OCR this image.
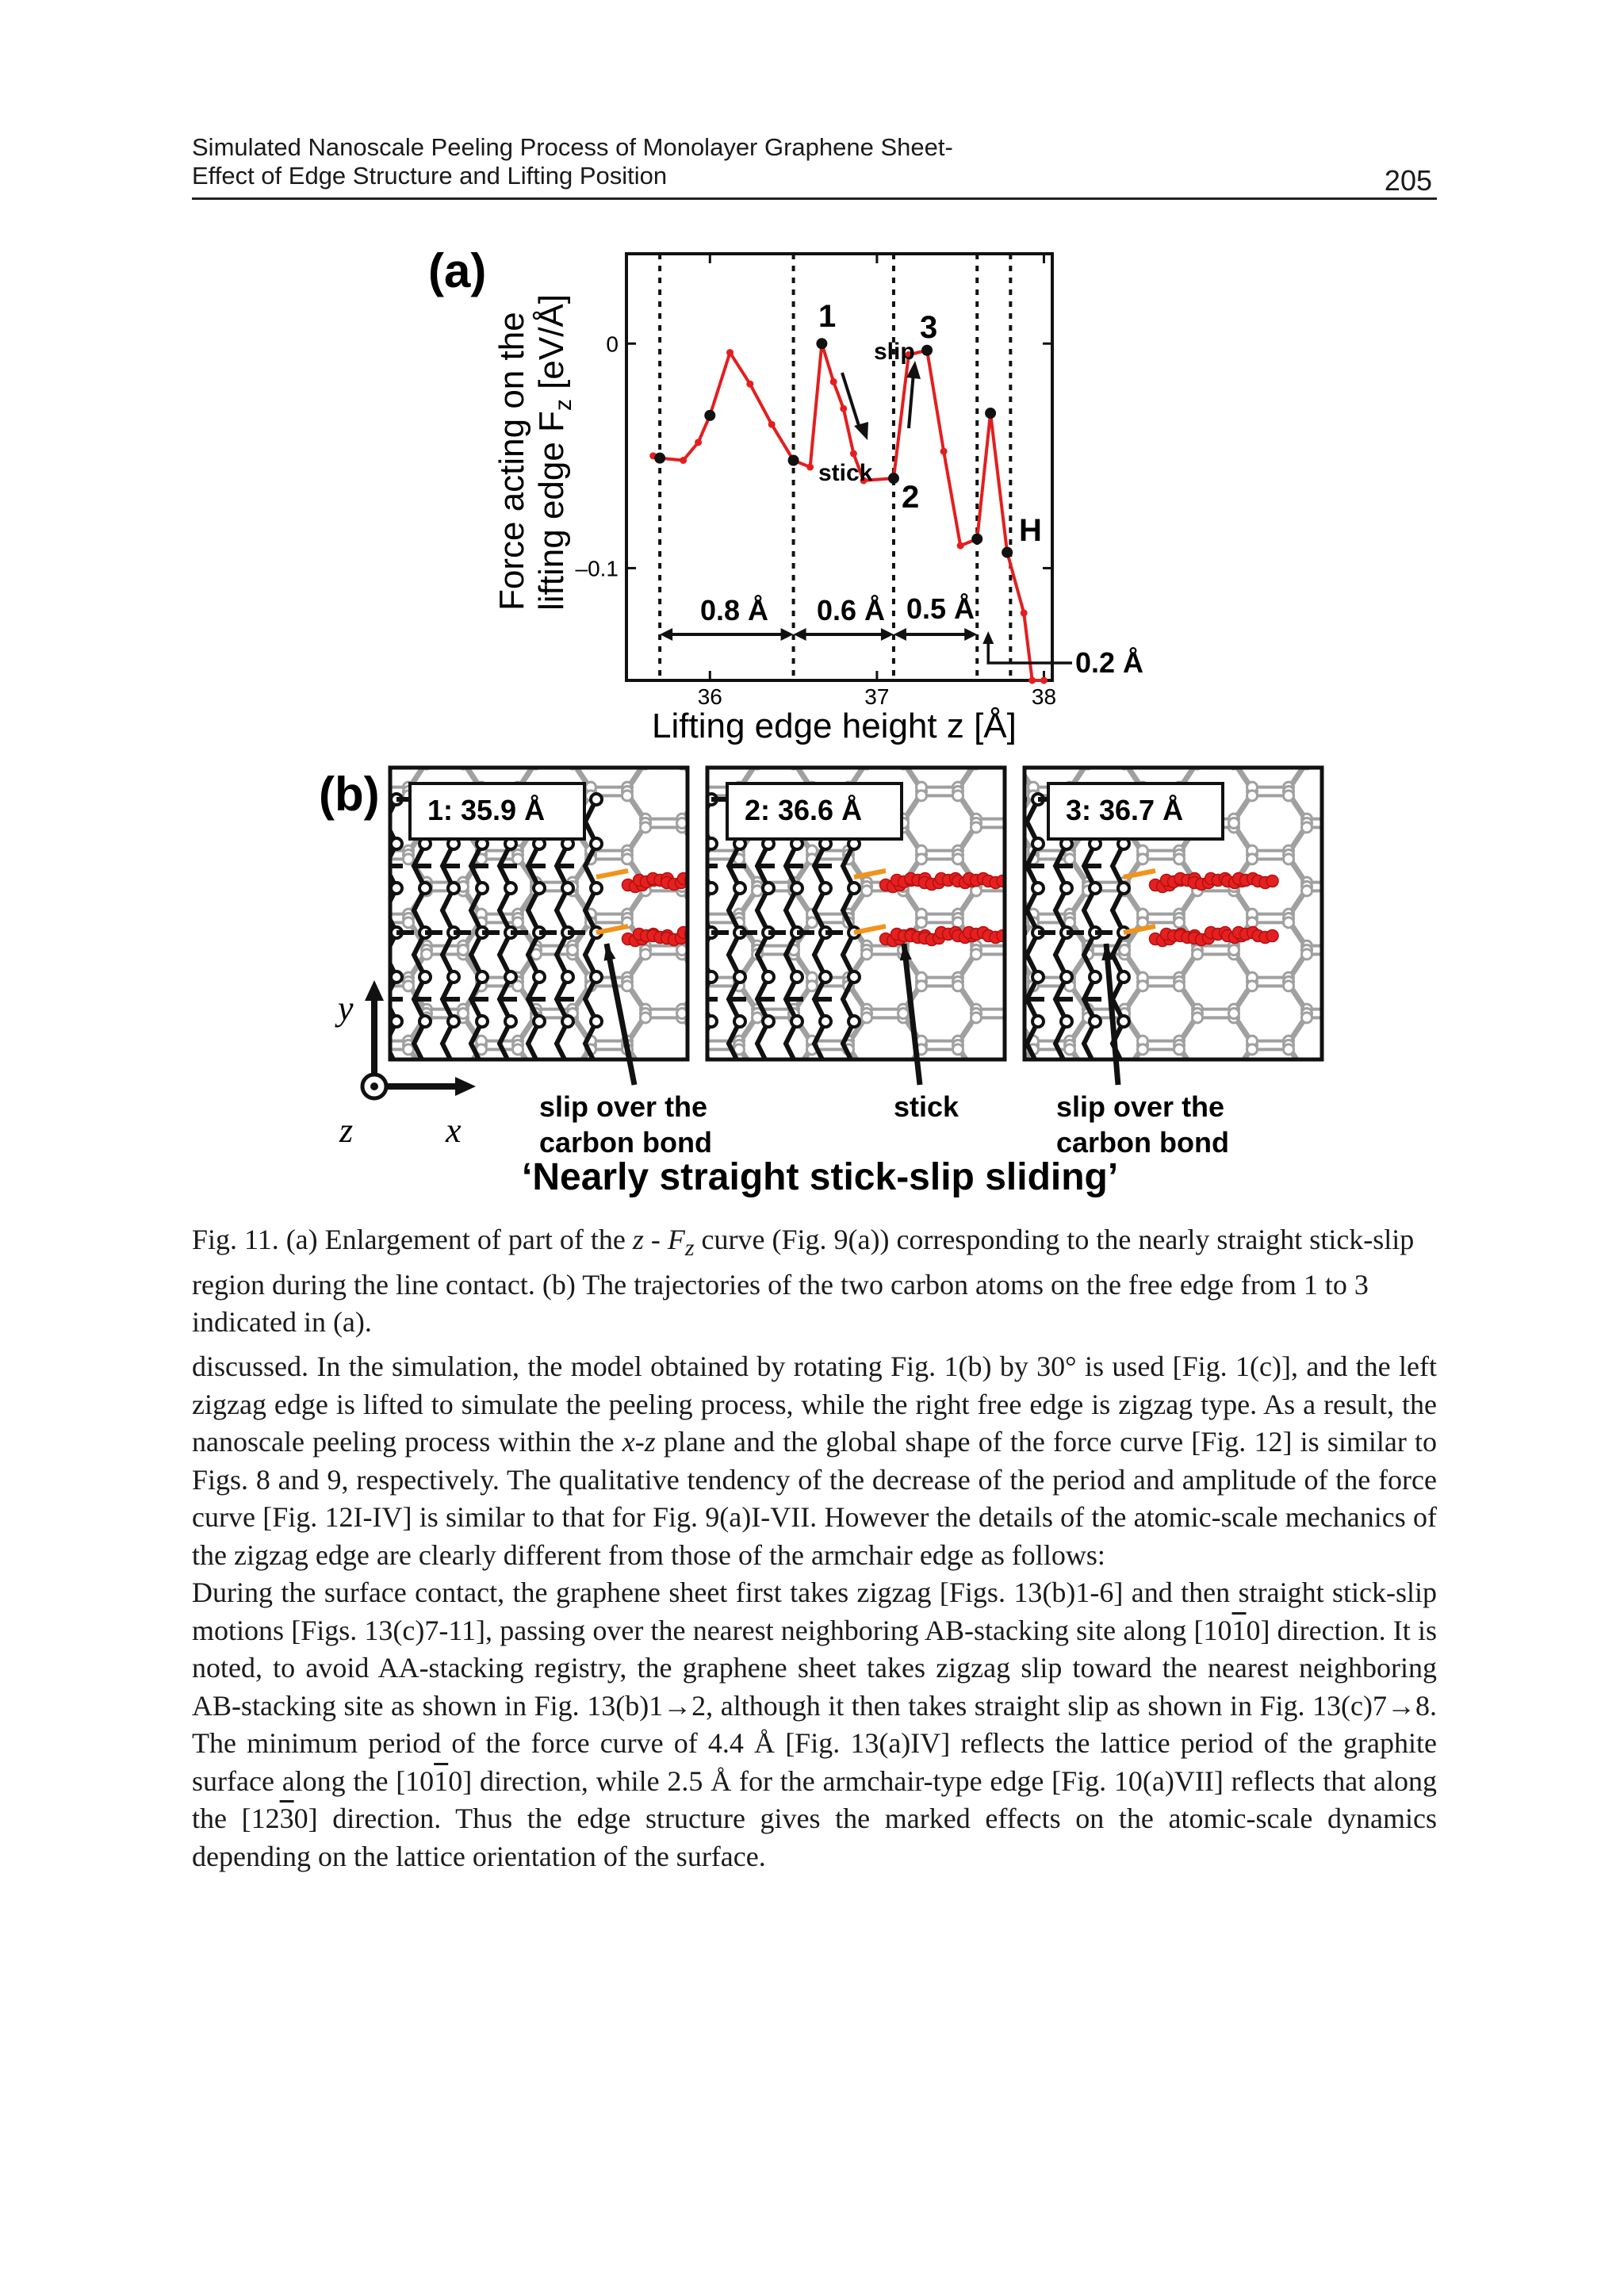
Simulated Nanoscale Peeling Process of Monolayer Graphene Sheet-
Effect of Edge Structure and Lifting Position	205
(a)
Force acting on the lifting edge $F_z$ [eV/Å]
36	37	38
0
–0.1
1	3
2
H
slip
stick
0.8 Å 0.6 Å 0.5 Å
0.2 Å
Lifting edge height z [Å]
(b) 1: 35.9 Å	2: 36.6 Å	3: 36.7 Å
y
z	x
slip over the
carbon bond
stick	slip over the
carbon bond
‘Nearly straight stick-slip sliding’
Fig. 11. (a) Enlargement of part of the z - $F_z$ curve (Fig. 9(a)) corresponding to the nearly straight stick-slip region during the line contact. (b) The trajectories of the two carbon atoms on the free edge from 1 to 3 indicated in (a).

discussed. In the simulation, the model obtained by rotating Fig. 1(b) by 30° is used [Fig. 1(c)], and the left zigzag edge is lifted to simulate the peeling process, while the right free edge is zigzag type. As a result, the nanoscale peeling process within the x-z plane and the global shape of the force curve [Fig. 12] is similar to Figs. 8 and 9, respectively. The qualitative tendency of the decrease of the period and amplitude of the force curve [Fig. 12I-IV] is similar to that for Fig. 9(a)I-VII. However the details of the atomic-scale mechanics of the zigzag edge are clearly different from those of the armchair edge as follows:

During the surface contact, the graphene sheet first takes zigzag [Figs. 13(b)1-6] and then straight stick-slip motions [Figs. 13(c)7-11], passing over the nearest neighboring AB-stacking site along [1010] direction. It is noted, to avoid AA-stacking registry, the graphene sheet takes zigzag slip toward the nearest neighboring AB-stacking site as shown in Fig. 13(b)1→2, although it then takes straight slip as shown in Fig. 13(c)7→8. The minimum period of the force curve of 4.4 Å [Fig. 13(a)IV] reflects the lattice period of the graphite surface along the [1010] direction, while 2.5 Å for the armchair-type edge [Fig. 10(a)VII] reflects that along the [1230] direction. Thus the edge structure gives the marked effects on the atomic-scale dynamics depending on the lattice orientation of the surface.
